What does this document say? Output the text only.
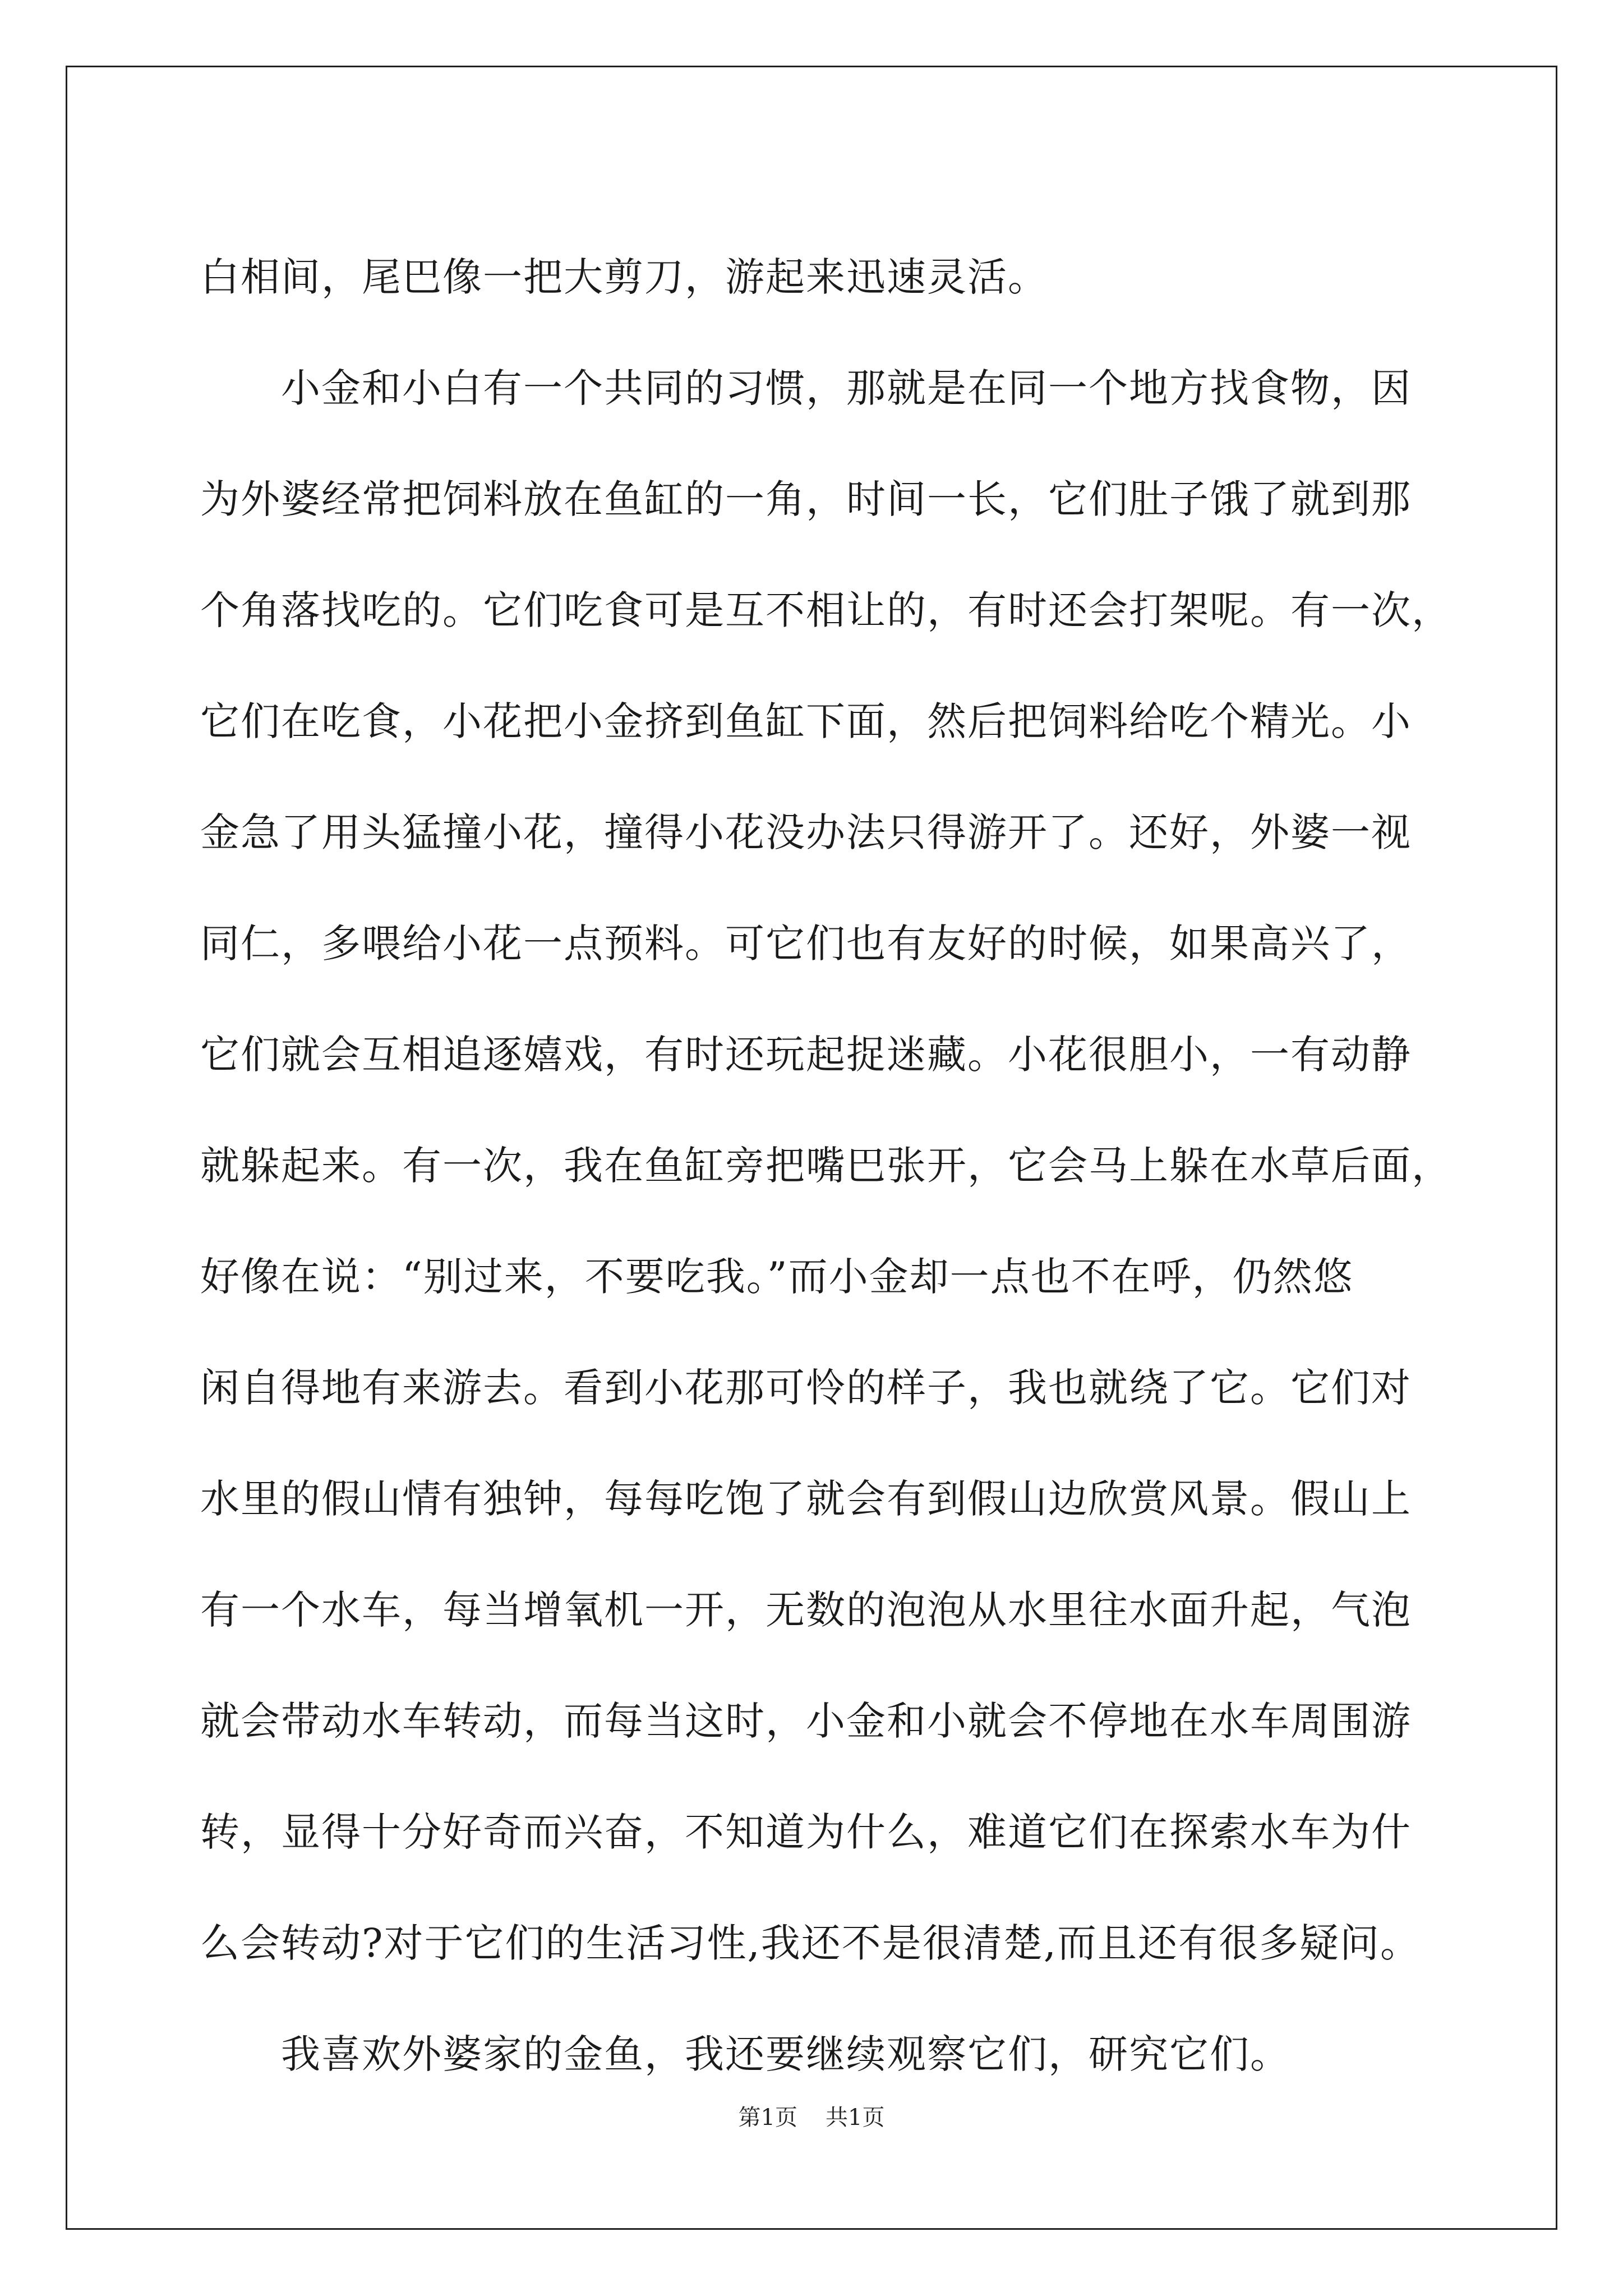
白相间，尾巴像一把大剪刀，游起来迅速灵活。
　　小金和小白有一个共同的习惯，那就是在同一个地方找食物，因
为外婆经常把饲料放在鱼缸的一角，时间一长，它们肚子饿了就到那
个角落找吃的。它们吃食可是互不相让的，有时还会打架呢。有一次，
它们在吃食，小花把小金挤到鱼缸下面，然后把饲料给吃个精光。小
金急了用头猛撞小花，撞得小花没办法只得游开了。还好，外婆一视
同仁，多喂给小花一点预料。可它们也有友好的时候，如果高兴了，
它们就会互相追逐嬉戏，有时还玩起捉迷藏。小花很胆小，一有动静
就躲起来。有一次，我在鱼缸旁把嘴巴张开，它会马上躲在水草后面，
好像在说：“别过来，不要吃我。”而小金却一点也不在呼，仍然悠
闲自得地有来游去。看到小花那可怜的样子，我也就绕了它。它们对
水里的假山情有独钟，每每吃饱了就会有到假山边欣赏风景。假山上
有一个水车，每当增氧机一开，无数的泡泡从水里往水面升起，气泡
就会带动水车转动，而每当这时，小金和小就会不停地在水车周围游
转，显得十分好奇而兴奋，不知道为什么，难道它们在探索水车为什
么会转动?对于它们的生活习性,我还不是很清楚,而且还有很多疑问。
　　我喜欢外婆家的金鱼，我还要继续观察它们，研究它们。
第1页 共1页
